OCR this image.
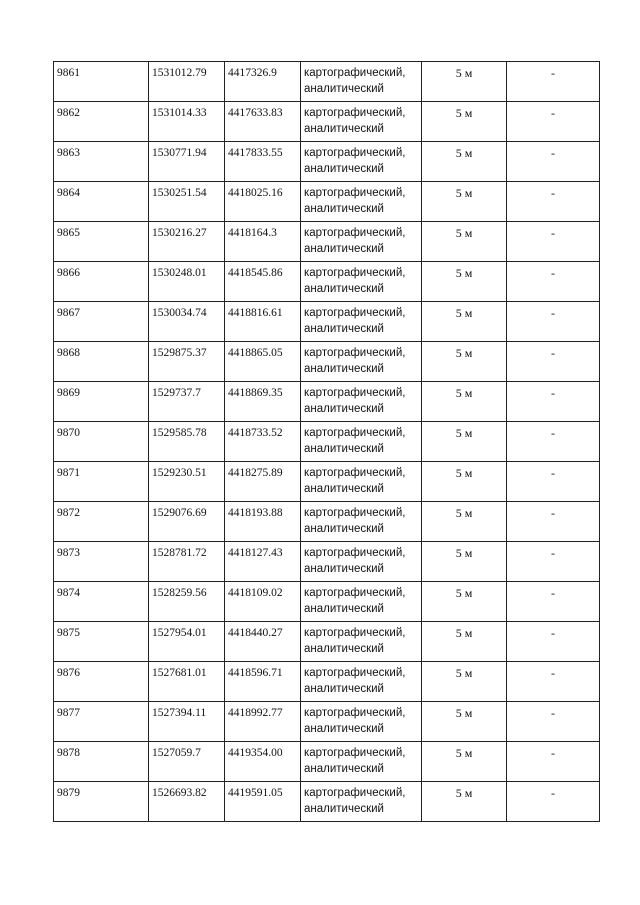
9861	1531012.79	4417326.9	картографический, аналитический	5 м	-
9862	1531014.33	4417633.83	картографический, аналитический	5 м	-
9863	1530771.94	4417833.55	картографический, аналитический	5 м	-
9864	1530251.54	4418025.16	картографический, аналитический	5 м	-
9865	1530216.27	4418164.3	картографический, аналитический	5 м	-
9866	1530248.01	4418545.86	картографический, аналитический	5 м	-
9867	1530034.74	4418816.61	картографический, аналитический	5 м	-
9868	1529875.37	4418865.05	картографический, аналитический	5 м	-
9869	1529737.7	4418869.35	картографический, аналитический	5 м	-
9870	1529585.78	4418733.52	картографический, аналитический	5 м	-
9871	1529230.51	4418275.89	картографический, аналитический	5 м	-
9872	1529076.69	4418193.88	картографический, аналитический	5 м	-
9873	1528781.72	4418127.43	картографический, аналитический	5 м	-
9874	1528259.56	4418109.02	картографический, аналитический	5 м	-
9875	1527954.01	4418440.27	картографический, аналитический	5 м	-
9876	1527681.01	4418596.71	картографический, аналитический	5 м	-
9877	1527394.11	4418992.77	картографический, аналитический	5 м	-
9878	1527059.7	4419354.00	картографический, аналитический	5 м	-
9879	1526693.82	4419591.05	картографический, аналитический	5 м	-
